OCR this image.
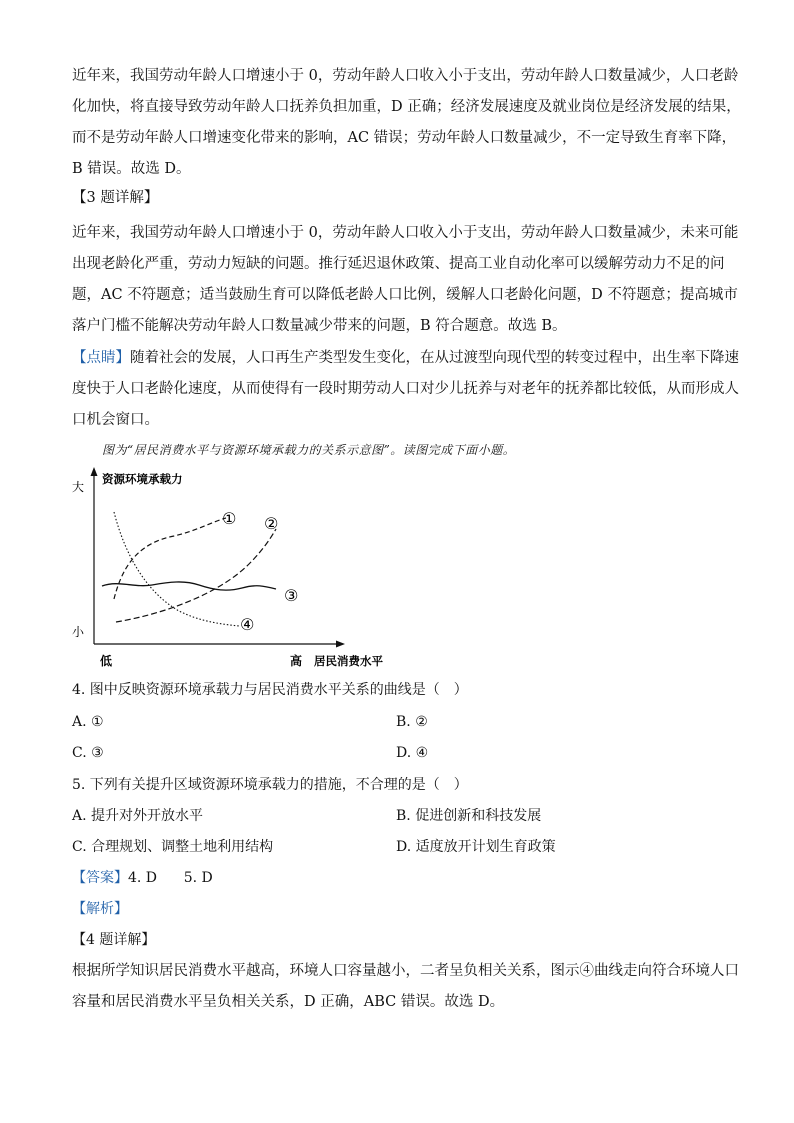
近年来，我国劳动年龄人口增速小于 0，劳动年龄人口收入小于支出，劳动年龄人口数量减少，人口老龄
化加快，将直接导致劳动年龄人口抚养负担加重，D 正确；经济发展速度及就业岗位是经济发展的结果，
而不是劳动年龄人口增速变化带来的影响，AC 错误；劳动年龄人口数量减少，不一定导致生育率下降，
B 错误。故选 D。
【3 题详解】
近年来，我国劳动年龄人口增速小于 0，劳动年龄人口收入小于支出，劳动年龄人口数量减少，未来可能
出现老龄化严重，劳动力短缺的问题。推行延迟退休政策、提高工业自动化率可以缓解劳动力不足的问
题，AC 不符题意；适当鼓励生育可以降低老龄人口比例，缓解人口老龄化问题，D 不符题意；提高城市
落户门槛不能解决劳动年龄人口数量减少带来的问题，B 符合题意。故选 B。
【点睛】随着社会的发展，人口再生产类型发生变化，在从过渡型向现代型的转变过程中，出生率下降速
度快于人口老龄化速度，从而使得有一段时期劳动人口对少儿抚养与对老年的抚养都比较低，从而形成人
口机会窗口。
图为“居民消费水平与资源环境承载力的关系示意图”。读图完成下面小题。
资源环境承载力
大
小
低	高 居民消费水平
① ②
③
④
4. 图中反映资源环境承载力与居民消费水平关系的曲线是（　）
A. ①	B. ②
C. ③	D. ④
5. 下列有关提升区域资源环境承载力的措施，不合理的是（　）
A. 提升对外开放水平	B. 促进创新和科技发展
C. 合理规划、调整土地利用结构	D. 适度放开计划生育政策
【答案】4. D      5. D
【解析】
【4 题详解】
根据所学知识居民消费水平越高，环境人口容量越小，二者呈负相关关系，图示④曲线走向符合环境人口
容量和居民消费水平呈负相关关系，D 正确，ABC 错误。故选 D。
